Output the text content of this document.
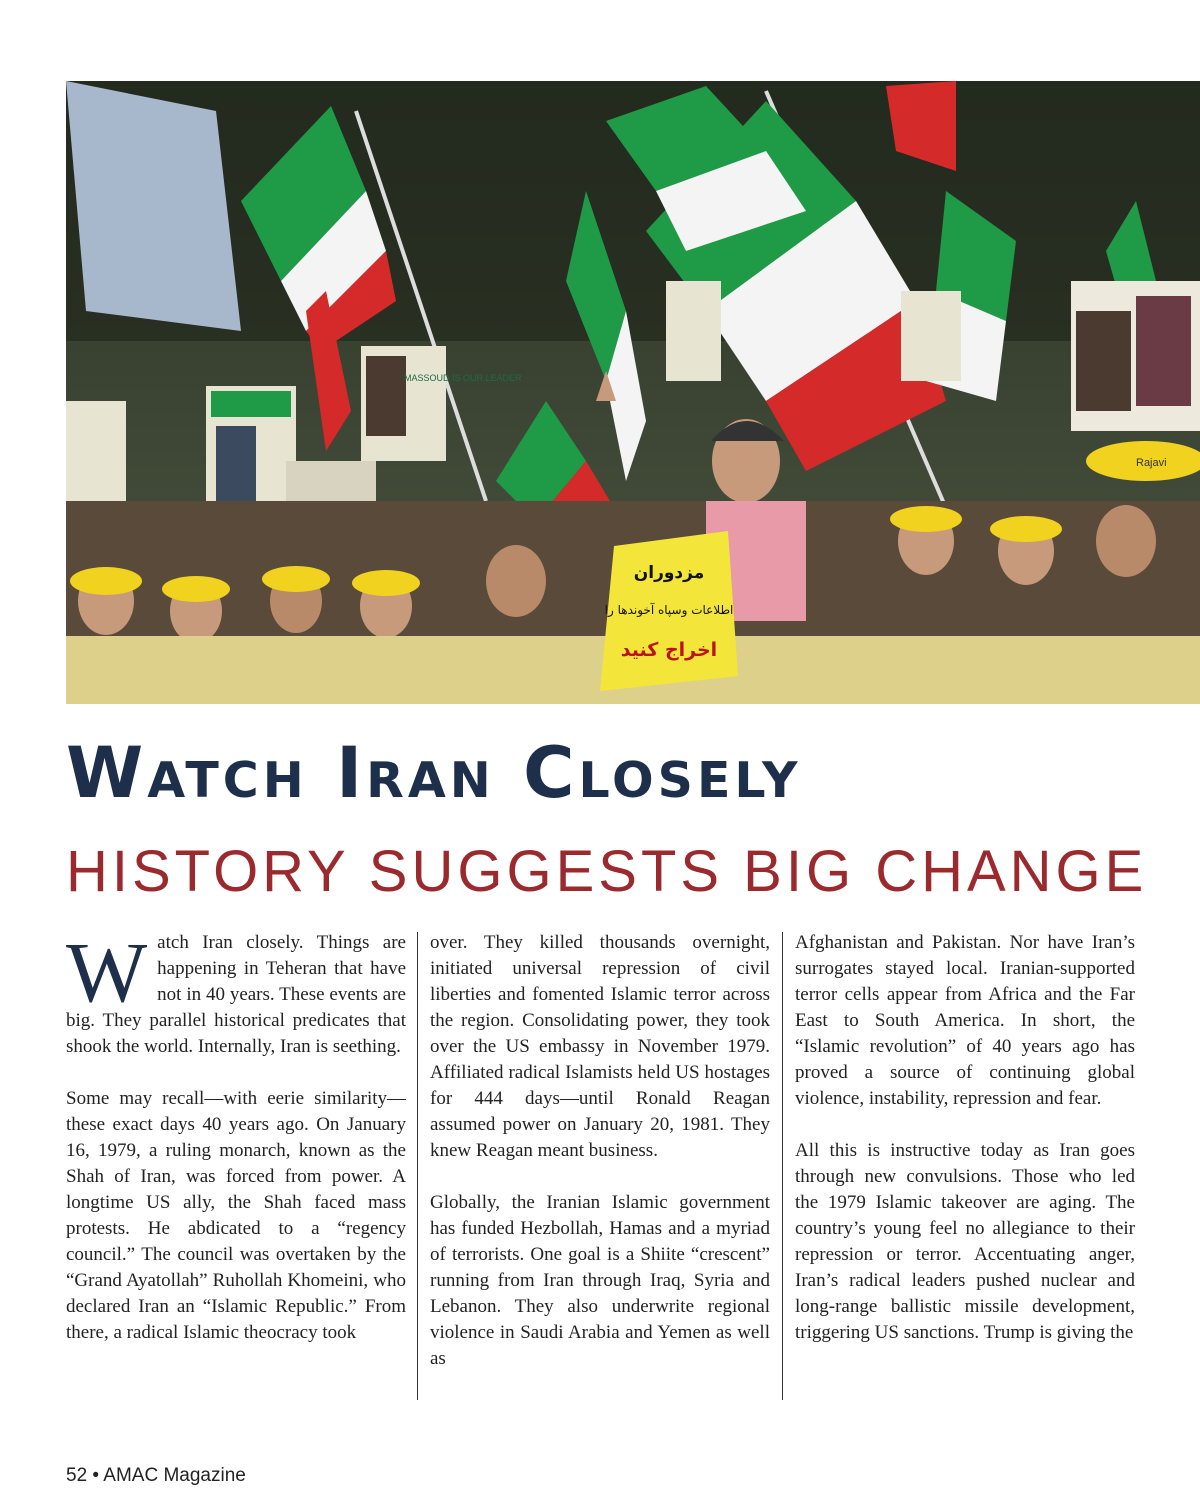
MASSOUD IS OUR LEADER
Rajavi
مزدوران
اطلاعات وسپاه آخوندها را
اخراج کنید
Watch Iran Closely
HISTORY SUGGESTS BIG CHANGE

Watch Iran closely. Things are happening in Teheran that have not in 40 years. These events are big. They parallel historical predicates that shook the world. Internally, Iran is seething.

Some may recall—with eerie similarity—these exact days 40 years ago. On January 16, 1979, a ruling monarch, known as the Shah of Iran, was forced from power. A longtime US ally, the Shah faced mass protests. He abdicated to a “regency council.” The council was overtaken by the “Grand Ayatollah” Ruhollah Khomeini, who declared Iran an “Islamic Republic.” From there, a radical Islamic theocracy took

over. They killed thousands overnight, initiated universal repression of civil liberties and fomented Islamic terror across the region. Consolidating power, they took over the US embassy in November 1979. Affiliated radical Islamists held US hostages for 444 days—until Ronald Reagan assumed power on January 20, 1981. They knew Reagan meant business.

Globally, the Iranian Islamic government has funded Hezbollah, Hamas and a myriad of terrorists. One goal is a Shiite “crescent” running from Iran through Iraq, Syria and Lebanon. They also underwrite regional violence in Saudi Arabia and Yemen as well as

Afghanistan and Pakistan. Nor have Iran’s surrogates stayed local. Iranian-supported terror cells appear from Africa and the Far East to South America. In short, the “Islamic revolution” of 40 years ago has proved a source of continuing global violence, instability, repression and fear.

All this is instructive today as Iran goes through new convulsions. Those who led the 1979 Islamic takeover are aging. The country’s young feel no allegiance to their repression or terror. Accentuating anger, Iran’s radical leaders pushed nuclear and long-range ballistic missile development, triggering US sanctions. Trump is giving the

52 • AMAC Magazine
